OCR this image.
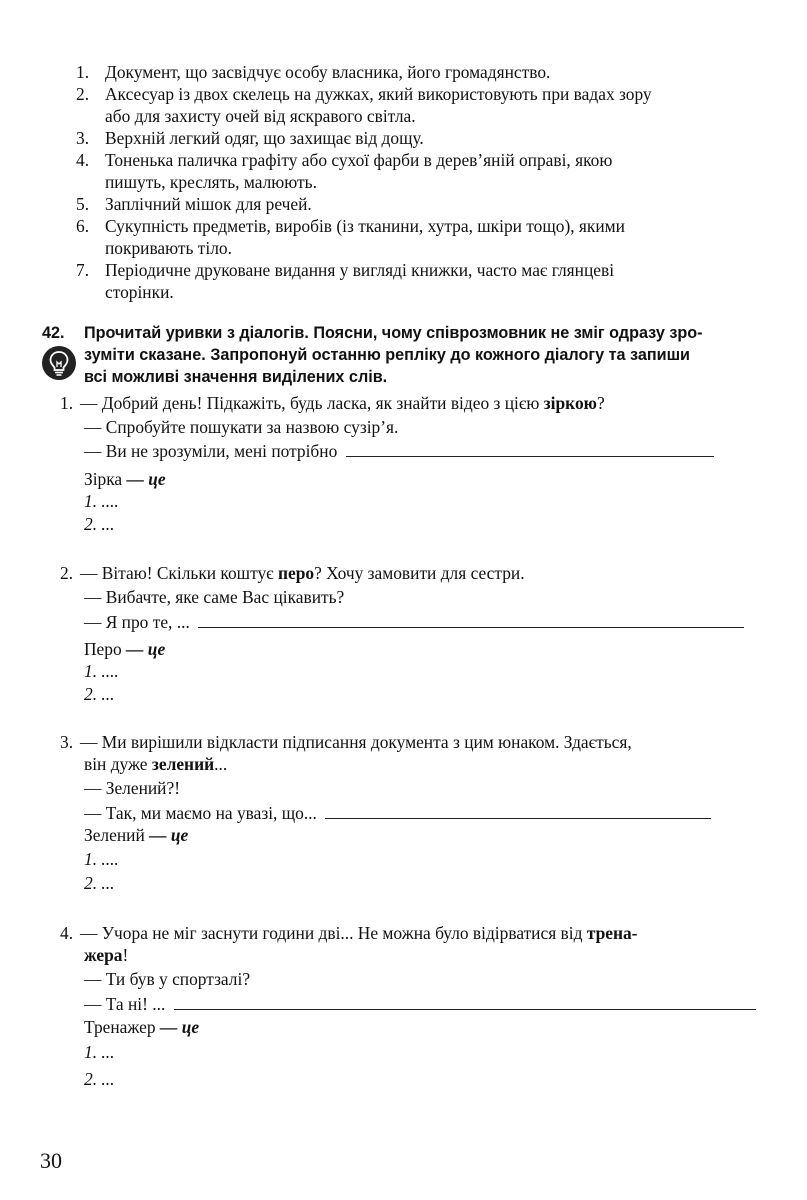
1. Документ, що засвідчує особу власника, його громадянство.
2. Аксесуар із двох скелець на дужках, який використовують при вадах зору
або для захисту очей від яскравого світла.
3. Верхній легкий одяг, що захищає від дощу.
4. Тоненька паличка графіту або сухої фарби в дерев’яній оправі, якою
пишуть, креслять, малюють.
5. Заплічний мішок для речей.
6. Сукупність предметів, виробів (із тканини, хутра, шкіри тощо), якими
покривають тіло.
7. Періодичне друковане видання у вигляді книжки, часто має глянцеві
сторінки.
42. Прочитай уривки з діалогів. Поясни, чому співрозмовник не зміг одразу зро-
зуміти сказане. Запропонуй останню репліку до кожного діалогу та запиши
всі можливі значення виділених слів.
1. — Добрий день! Підкажіть, будь ласка, як знайти відео з цією зіркою?
— Спробуйте пошукати за назвою сузір’я.
— Ви не зрозуміли, мені потрібно
Зірка — це
1. ....
2. ...
2. — Вітаю! Скільки коштує перо? Хочу замовити для сестри.
— Вибачте, яке саме Вас цікавить?
— Я про те, ...
Перо — це
1. ....
2. ...
3. — Ми вирішили відкласти підписання документа з цим юнаком. Здається,
він дуже зелений...
— Зелений?!
— Так, ми маємо на увазі, що...
Зелений — це
1. ....
2. ...
4. — Учора не міг заснути години дві... Не можна було відірватися від трена-
жера!
— Ти був у спортзалі?
— Та ні! ...
Тренажер — це
1. ...
2. ...
30
